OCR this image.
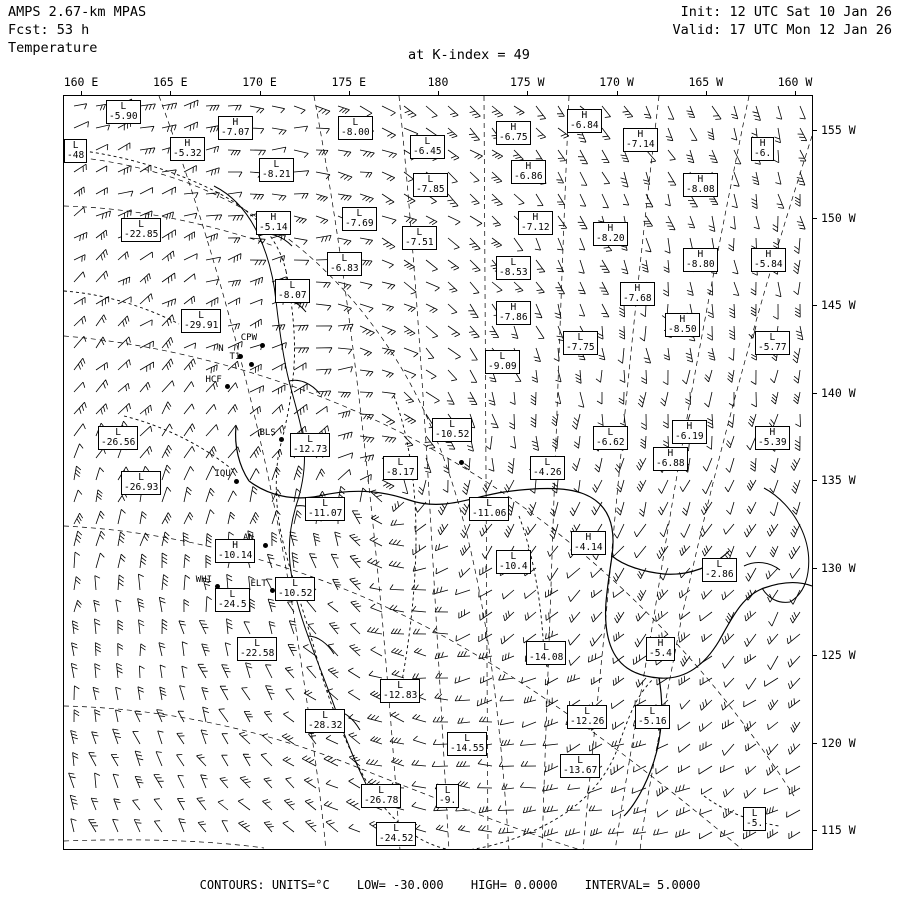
AMPS 2.67-km MPAS
Fcst: 53 h
Temperature
Init: 12 UTC Sat 10 Jan 26
Valid: 17 UTC Mon 12 Jan 26
at K-index = 49
160 E	165 E	170 E	175 E	180	175 W	170 W	165 W	160 W
155 W
150 W
145 W
140 W
135 W
130 W
125 W
120 W
115 W
L
-5.90
H
-7.07
L
-8.00	H
-6.75
H
-6.84
L
-48
H
-5.32
L
-6.45
H
-7.14	H
-6.
L
-8.21
H
-6.86
L
-7.85
H
-8.08
L
-7.69
H
-5.14
H
-7.12
L
-22.85	L
-7.51
H
-8.20
H
-8.80
H
-5.84
L
-6.83
L
-8.53
L
-8.07
H
-7.68
H
-7.86
L
-29.91
H
-8.50
L
-7.75
L
-5.77
L
-9.09
L
-10.52
L
-26.56
L
-6.62
H
-6.19	H
-5.39
L
-12.73	H
-6.88
L
-8.17
L
-4.26
L
-26.93
L
-11.07
L
-11.06
H
-4.14
H
-10.14	L
-10.4	L
-2.86
L
-10.52
L
-24.5
H
-5.4
L
-14.08
L
-22.58
L
-12.83
L
-12.26
L
-5.16
L
-28.32
L
-14.55
L
-13.67
L
-26.78
L
-9.
L
-5.
L
-24.52
CPW
N
T1
HCF
BLS
IQU
AN
WHI	ELT
CONTOURS: UNITS=°C LOW= -30.000 HIGH= 0.0000 INTERVAL= 5.0000
